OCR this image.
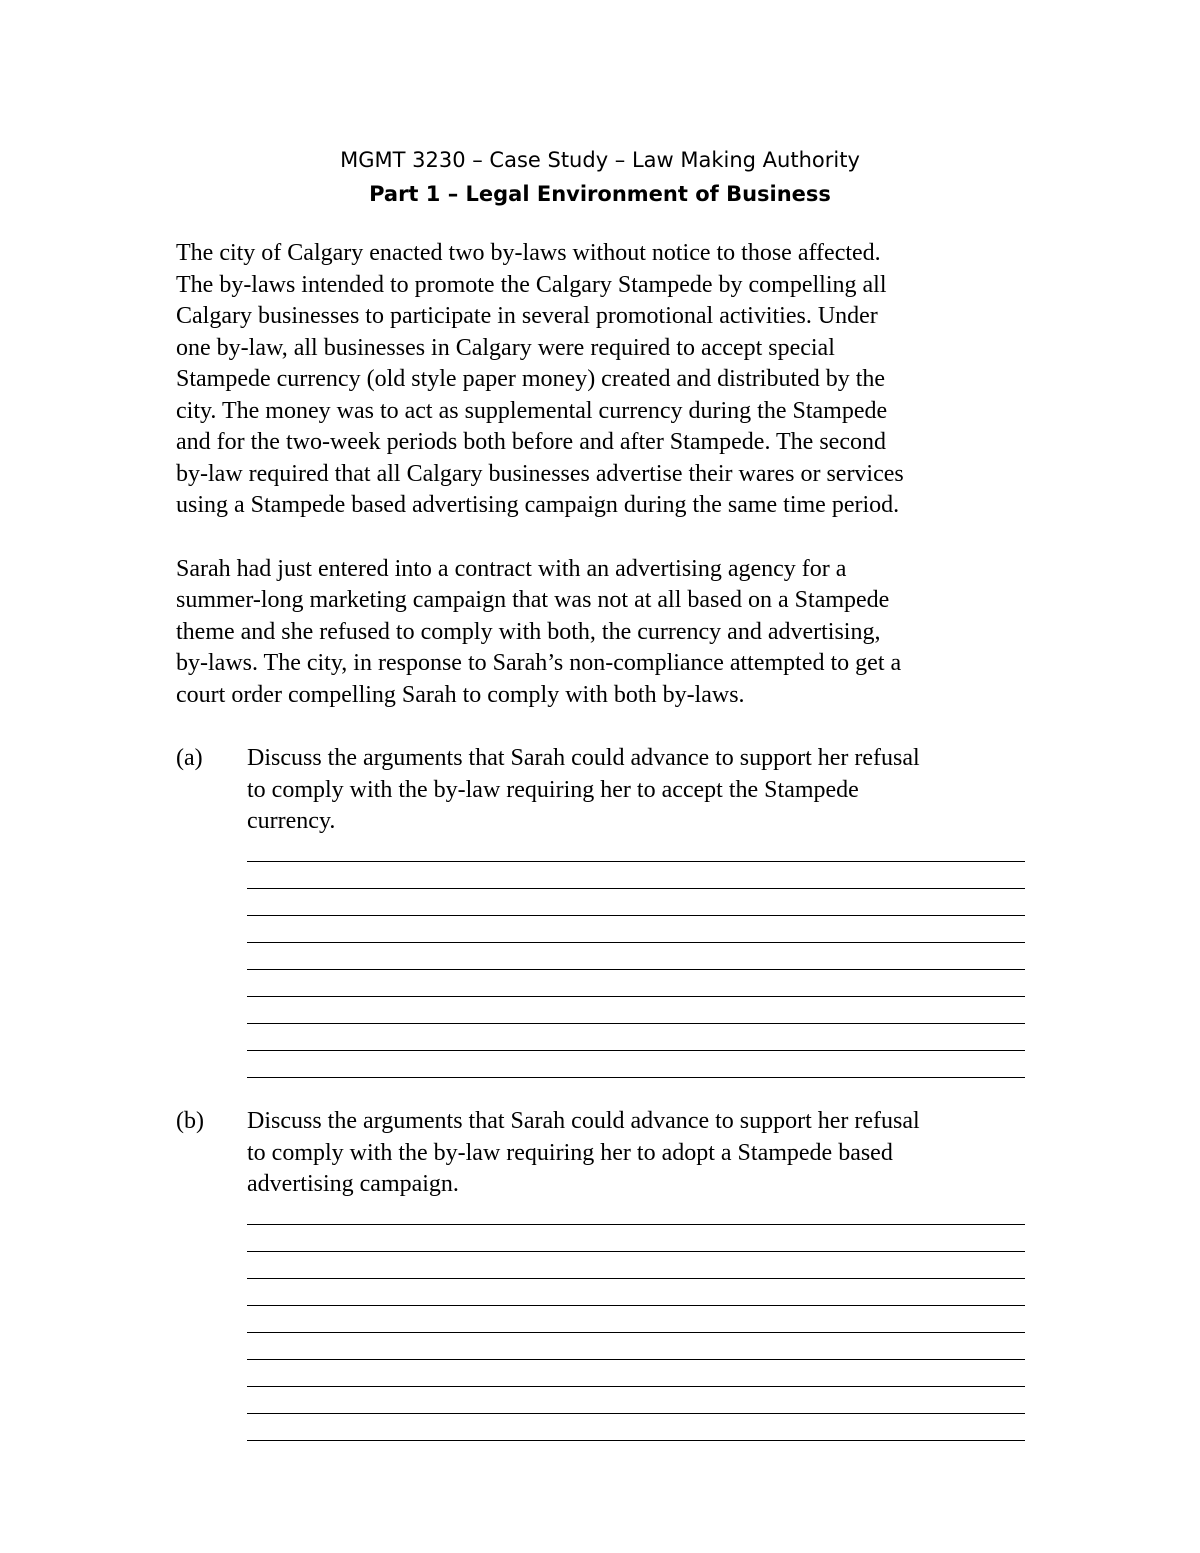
MGMT 3230 – Case Study – Law Making Authority
Part 1 – Legal Environment of Business
The city of Calgary enacted two by-laws without notice to those affected.
The by-laws intended to promote the Calgary Stampede by compelling all
Calgary businesses to participate in several promotional activities. Under
one by-law, all businesses in Calgary were required to accept special
Stampede currency (old style paper money) created and distributed by the
city. The money was to act as supplemental currency during the Stampede
and for the two-week periods both before and after Stampede. The second
by-law required that all Calgary businesses advertise their wares or services
using a Stampede based advertising campaign during the same time period.
Sarah had just entered into a contract with an advertising agency for a
summer-long marketing campaign that was not at all based on a Stampede
theme and she refused to comply with both, the currency and advertising,
by-laws. The city, in response to Sarah’s non-compliance attempted to get a
court order compelling Sarah to comply with both by-laws.
(a) Discuss the arguments that Sarah could advance to support her refusal
to comply with the by-law requiring her to accept the Stampede
currency.
(b) Discuss the arguments that Sarah could advance to support her refusal
to comply with the by-law requiring her to adopt a Stampede based
advertising campaign.
